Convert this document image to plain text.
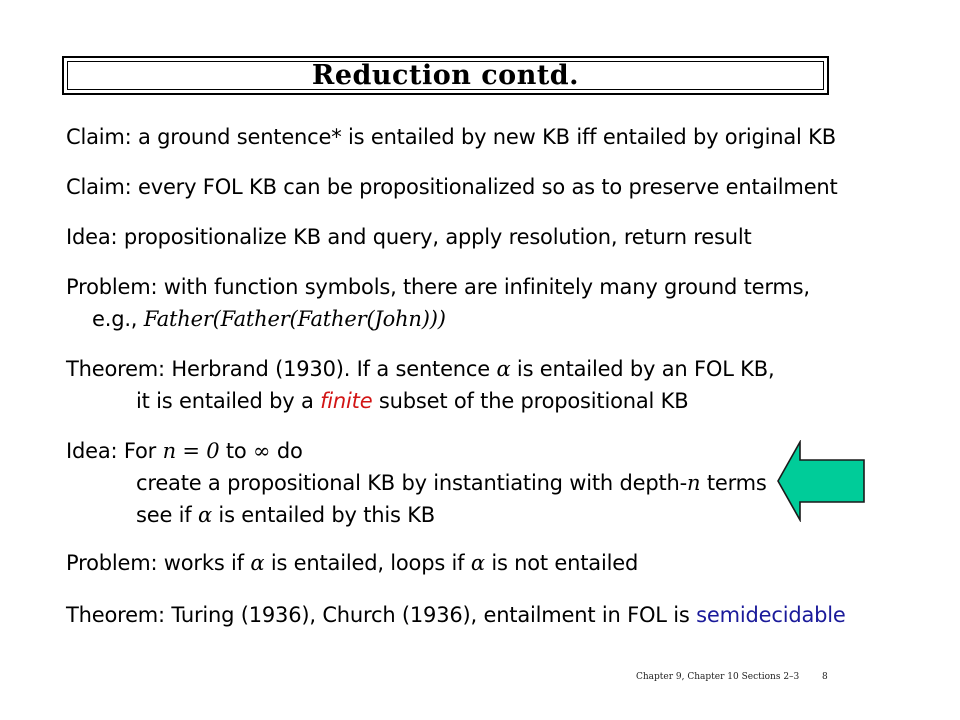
Reduction contd.
Claim: a ground sentence* is entailed by new KB iff entailed by original KB
Claim: every FOL KB can be propositionalized so as to preserve entailment
Idea: propositionalize KB and query, apply resolution, return result
Problem: with function symbols, there are infinitely many ground terms,
e.g., Father(Father(Father(John)))
Theorem: Herbrand (1930). If a sentence α is entailed by an FOL KB,
it is entailed by a finite subset of the propositional KB
Idea: For n = 0 to ∞ do
create a propositional KB by instantiating with depth-n terms
see if α is entailed by this KB
Problem: works if α is entailed, loops if α is not entailed
Theorem: Turing (1936), Church (1936), entailment in FOL is semidecidable
Chapter 9, Chapter 10 Sections 2–3	8
